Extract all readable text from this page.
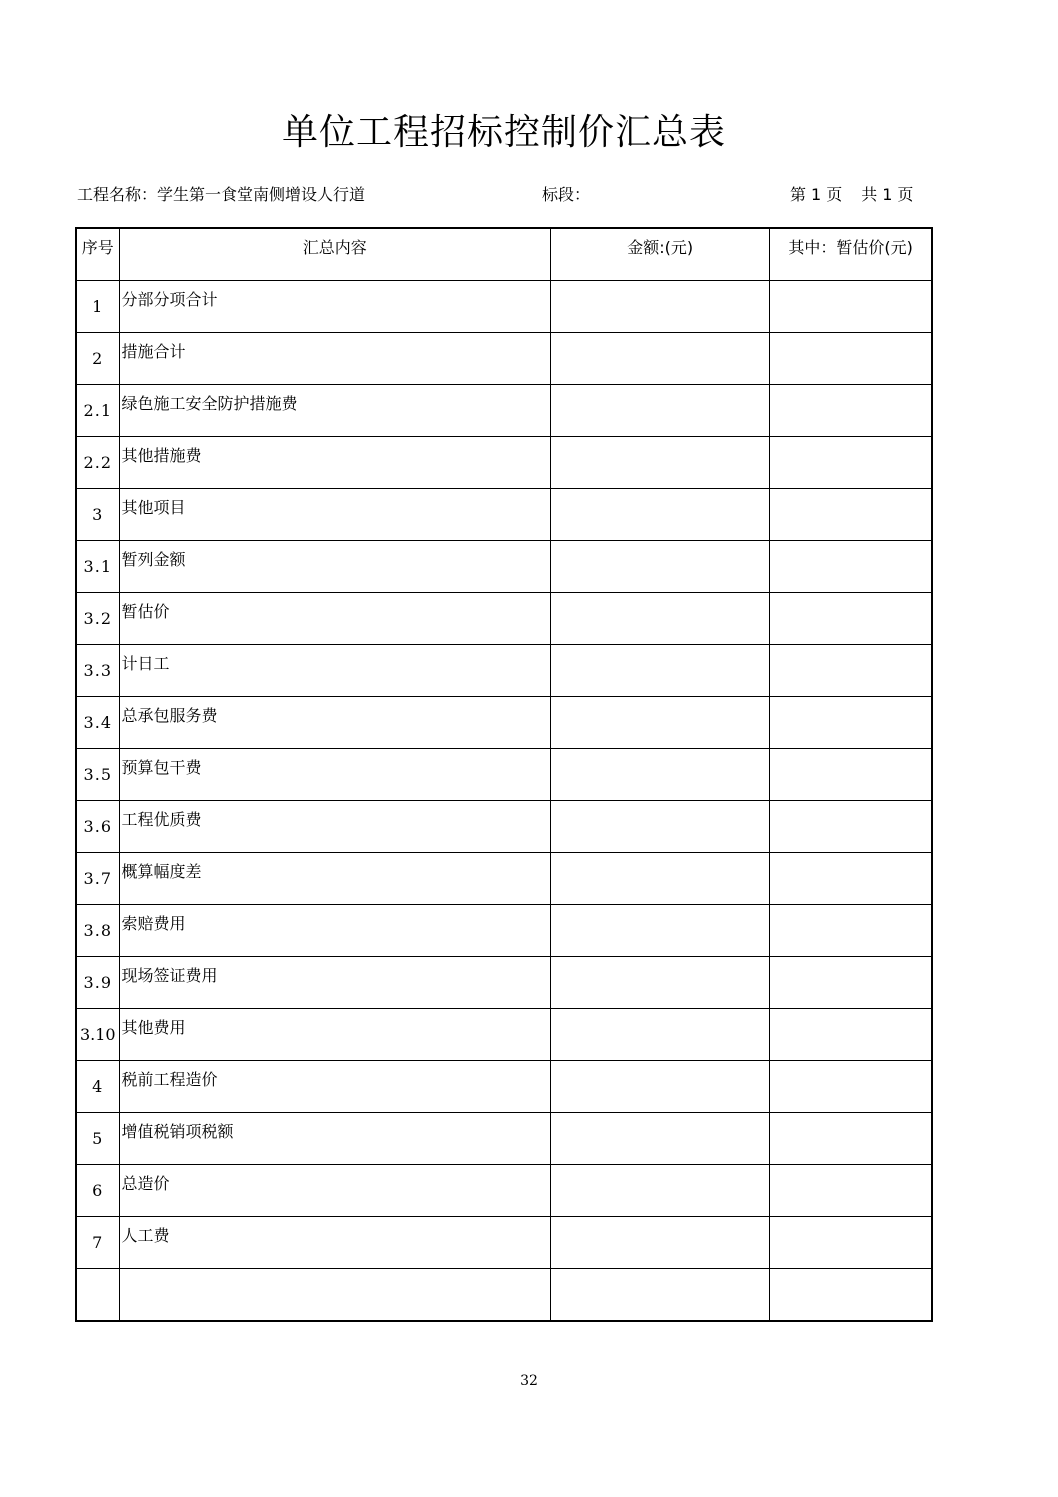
单位工程招标控制价汇总表
工程名称：学生第一食堂南侧增设人行道	标段：	第 1 页 共 1 页
序号	汇总内容	金额:(元)	其中：暂估价(元)
1	分部分项合计		
2	措施合计		
2.1	绿色施工安全防护措施费		
2.2	其他措施费		
3	其他项目		
3.1	暂列金额		
3.2	暂估价		
3.3	计日工		
3.4	总承包服务费		
3.5	预算包干费		
3.6	工程优质费		
3.7	概算幅度差		
3.8	索赔费用		
3.9	现场签证费用		
3.10	其他费用		
4	税前工程造价		
5	增值税销项税额		
6	总造价		
7	人工费		

32
